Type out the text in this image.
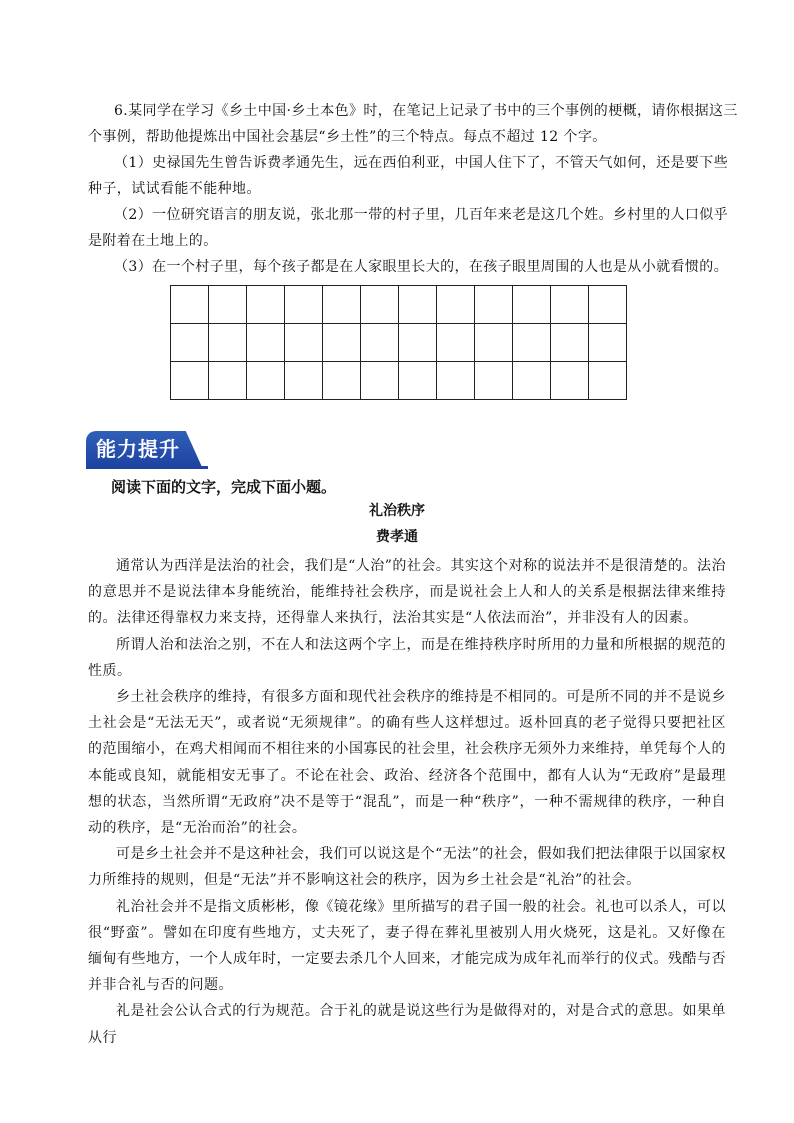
6.某同学在学习《乡土中国·乡土本色》时，在笔记上记录了书中的三个事例的梗概，请你根据这三个事例，帮助他提炼出中国社会基层“乡土性”的三个特点。每点不超过 12 个字。

（1）史禄国先生曾告诉费孝通先生，远在西伯利亚，中国人住下了，不管天气如何，还是要下些种子，试试看能不能种地。

（2）一位研究语言的朋友说，张北那一带的村子里，几百年来老是这几个姓。乡村里的人口似乎是附着在土地上的。

（3）在一个村子里，每个孩子都是在人家眼里长大的，在孩子眼里周围的人也是从小就看惯的。

能力提升
阅读下面的文字，完成下面小题。
礼治秩序
费孝通

通常认为西洋是法治的社会，我们是“人治”的社会。其实这个对称的说法并不是很清楚的。法治的意思并不是说法律本身能统治，能维持社会秩序，而是说社会上人和人的关系是根据法律来维持的。法律还得靠权力来支持，还得靠人来执行，法治其实是“人依法而治”，并非没有人的因素。

所谓人治和法治之别，不在人和法这两个字上，而是在维持秩序时所用的力量和所根据的规范的性质。

乡土社会秩序的维持，有很多方面和现代社会秩序的维持是不相同的。可是所不同的并不是说乡土社会是“无法无天”，或者说“无须规律”。的确有些人这样想过。返朴回真的老子觉得只要把社区的范围缩小，在鸡犬相闻而不相往来的小国寡民的社会里，社会秩序无须外力来维持，单凭每个人的本能或良知，就能相安无事了。不论在社会、政治、经济各个范围中，都有人认为“无政府”是最理想的状态，当然所谓“无政府”决不是等于“混乱”，而是一种“秩序”，一种不需规律的秩序，一种自动的秩序，是“无治而治”的社会。

可是乡土社会并不是这种社会，我们可以说这是个“无法”的社会，假如我们把法律限于以国家权力所维持的规则，但是“无法”并不影响这社会的秩序，因为乡土社会是“礼治”的社会。

礼治社会并不是指文质彬彬，像《镜花缘》里所描写的君子国一般的社会。礼也可以杀人，可以很“野蛮”。譬如在印度有些地方，丈夫死了，妻子得在葬礼里被别人用火烧死，这是礼。又好像在缅甸有些地方，一个人成年时，一定要去杀几个人回来，才能完成为成年礼而举行的仪式。残酷与否并非合礼与否的问题。

礼是社会公认合式的行为规范。合于礼的就是说这些行为是做得对的，对是合式的意思。如果单从行
